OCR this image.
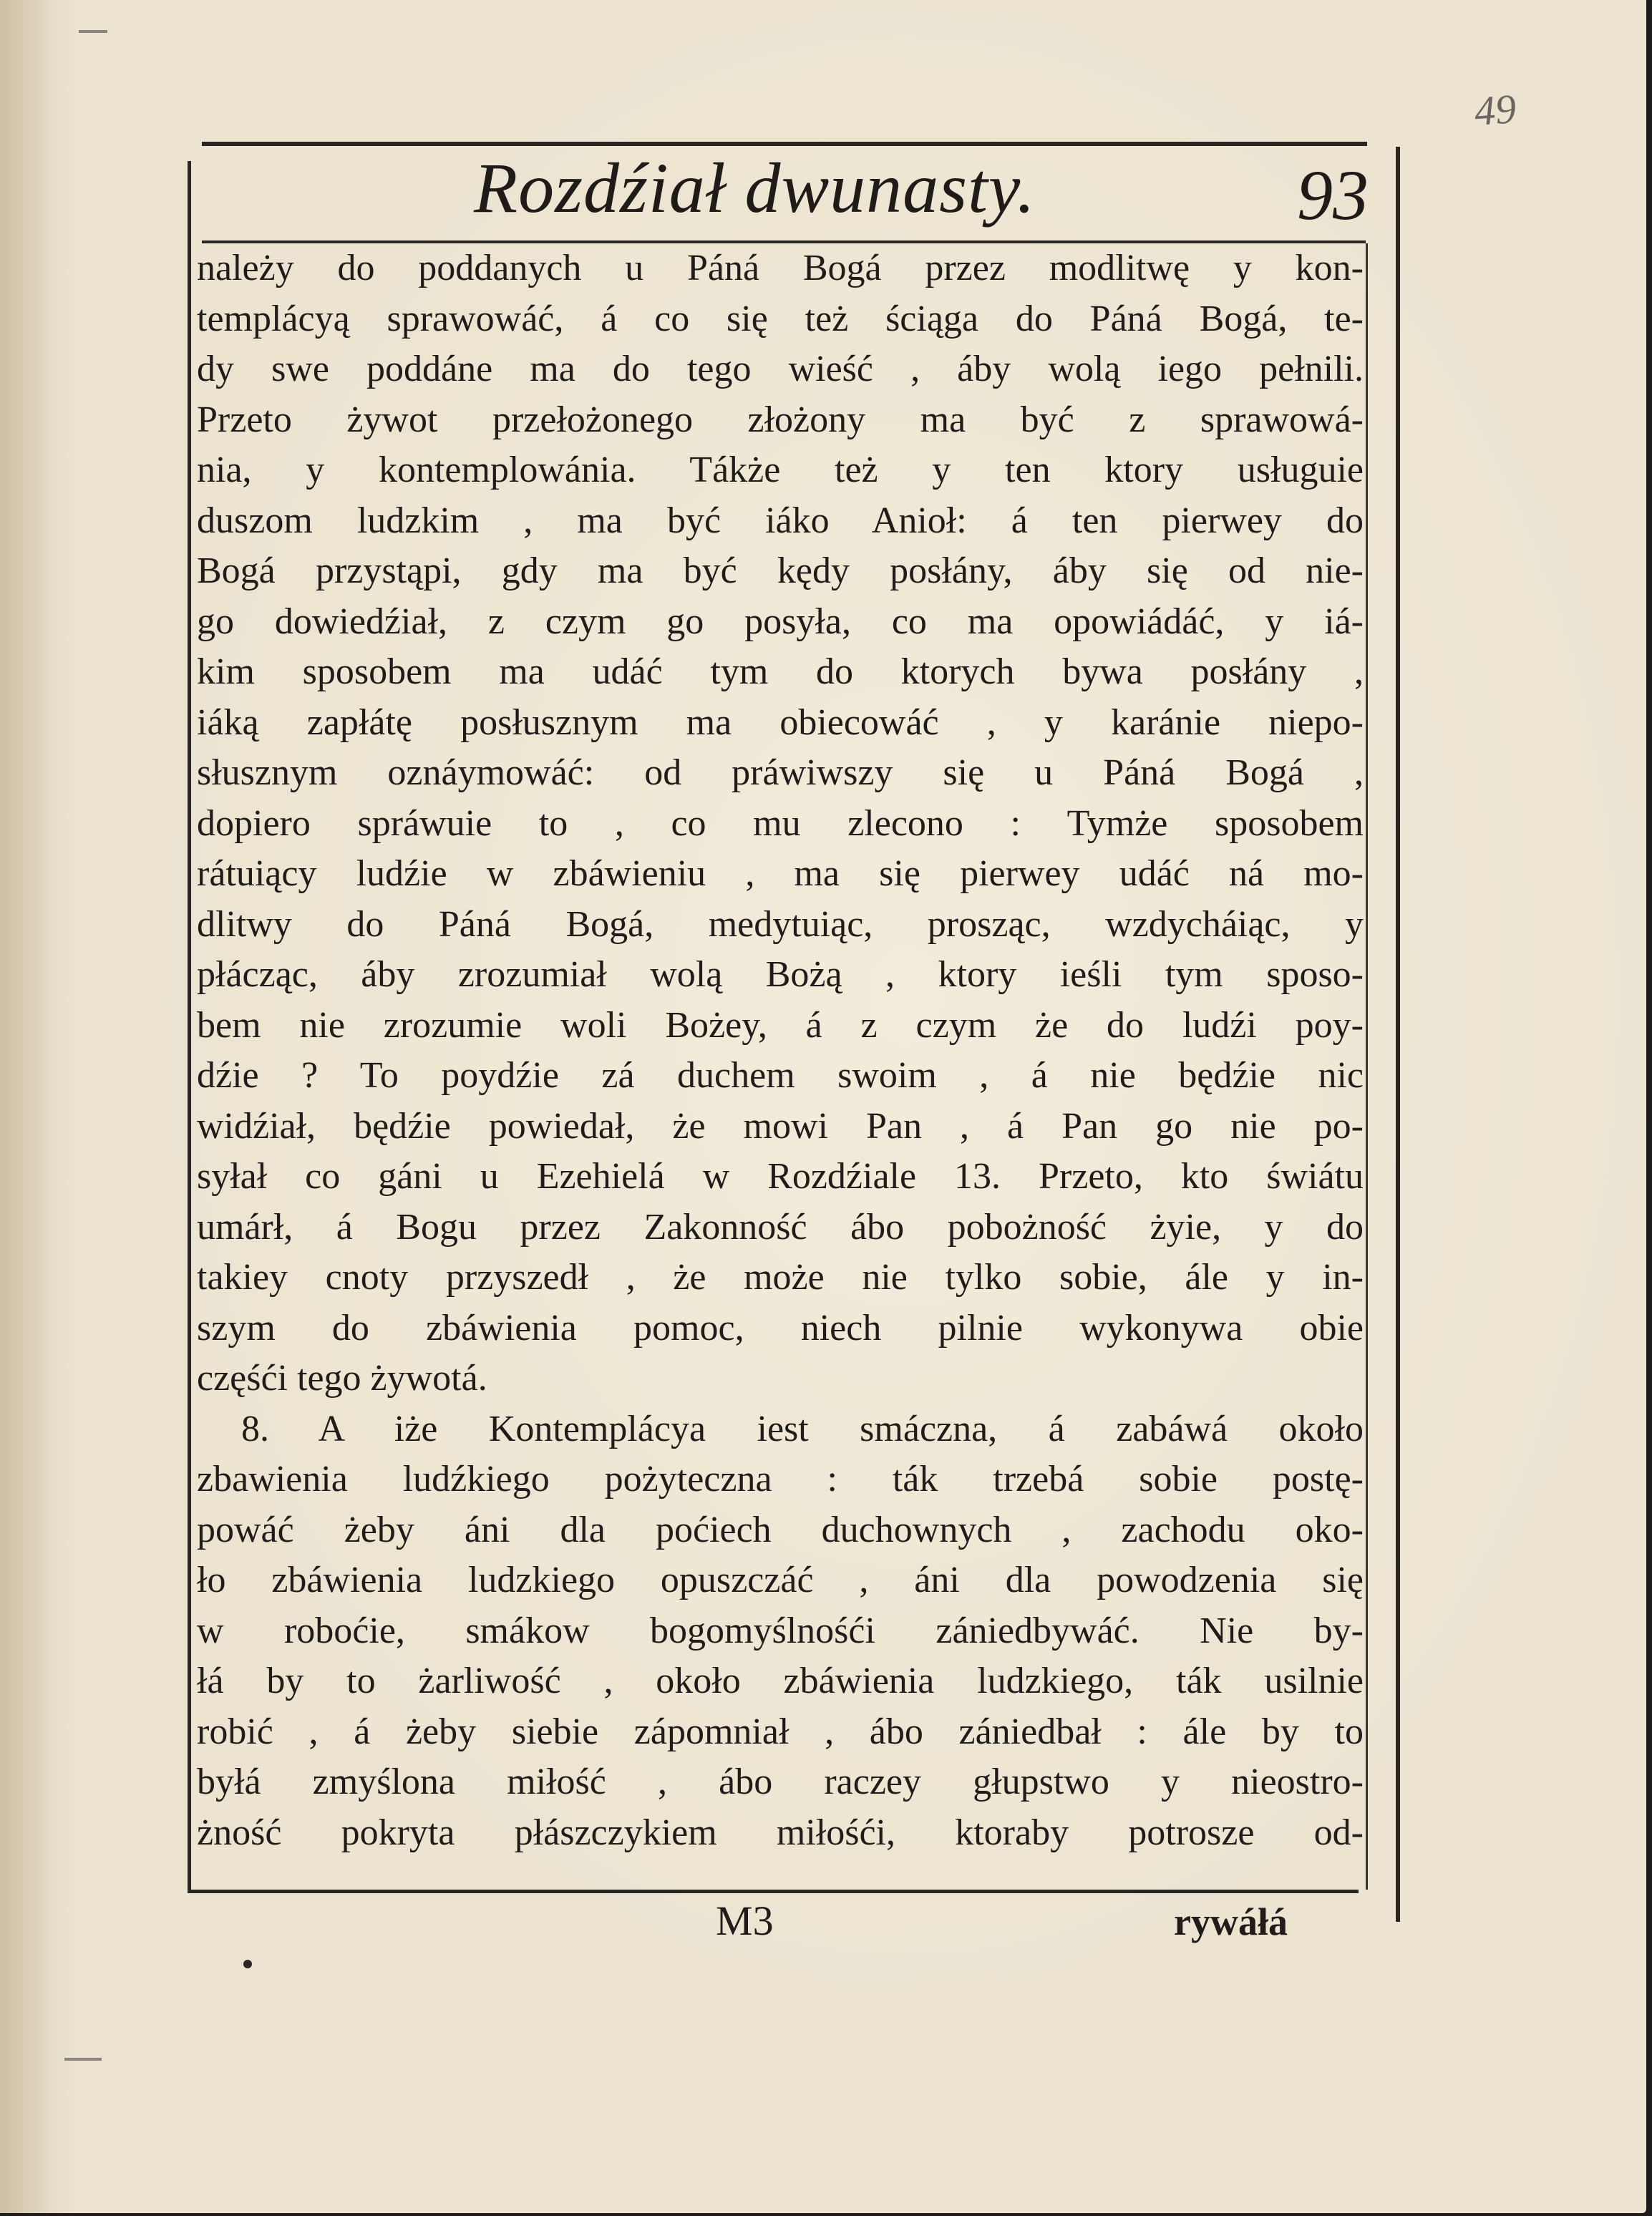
49
Rozdźiał dwunasty.	93
należy do poddanych u Páná Bogá przez modlitwę y kon-
templácyą sprawowáć, á co się też ściąga do Páná Bogá, te-
dy swe poddáne ma do tego wieść , áby wolą iego pełnili.
Przeto żywot przełożonego złożony ma być z sprawowá-
nia, y kontemplowánia. Tákże też y ten ktory usługuie
duszom ludzkim , ma być iáko Anioł: á ten pierwey do
Bogá przystąpi, gdy ma być kędy posłány, áby się od nie-
go dowiedźiał, z czym go posyła, co ma opowiádáć, y iá-
kim sposobem ma udáć tym do ktorych bywa posłány ,
iáką zapłátę posłusznym ma obiecowáć , y karánie niepo-
słusznym oznáymowáć: od práwiwszy się u Páná Bogá ,
dopiero spráwuie to , co mu zlecono : Tymże sposobem
rátuiący ludźie w zbáwieniu , ma się pierwey udáć ná mo-
dlitwy do Páná Bogá, medytuiąc, prosząc, wzdycháiąc, y
płácząc, áby zrozumiał wolą Bożą , ktory ieśli tym sposo-
bem nie zrozumie woli Bożey, á z czym że do ludźi poy-
dźie ? To poydźie zá duchem swoim , á nie będźie nic
widźiał, będźie powiedał, że mowi Pan , á Pan go nie po-
syłał co gáni u Ezehielá w Rozdźiale 13. Przeto, kto świátu
umárł, á Bogu przez Zakonność ábo pobożność żyie, y do
takiey cnoty przyszedł , że może nie tylko sobie, ále y in-
szym do zbáwienia pomoc, niech pilnie wykonywa obie
częśći tego żywotá.
8. A iże Kontemplácya iest smáczna, á zabáwá około
zbawienia ludźkiego pożyteczna : ták trzebá sobie postę-
powáć żeby áni dla poćiech duchownych , zachodu oko-
ło zbáwienia ludzkiego opuszczáć , áni dla powodzenia się
w robоćie, smákow bogomyślnośći zániedbywáć. Nie by-
łá by to żarliwość , około zbáwienia ludzkiego, ták usilnie
robić , á żeby siebie zápomniał , ábo zániedbał : ále by to
byłá zmyślona miłość , ábo raczey głupstwo y nieostro-
żność pokryta płászczykiem miłośći, ktoraby potrosze od-
M3	rywáłá
